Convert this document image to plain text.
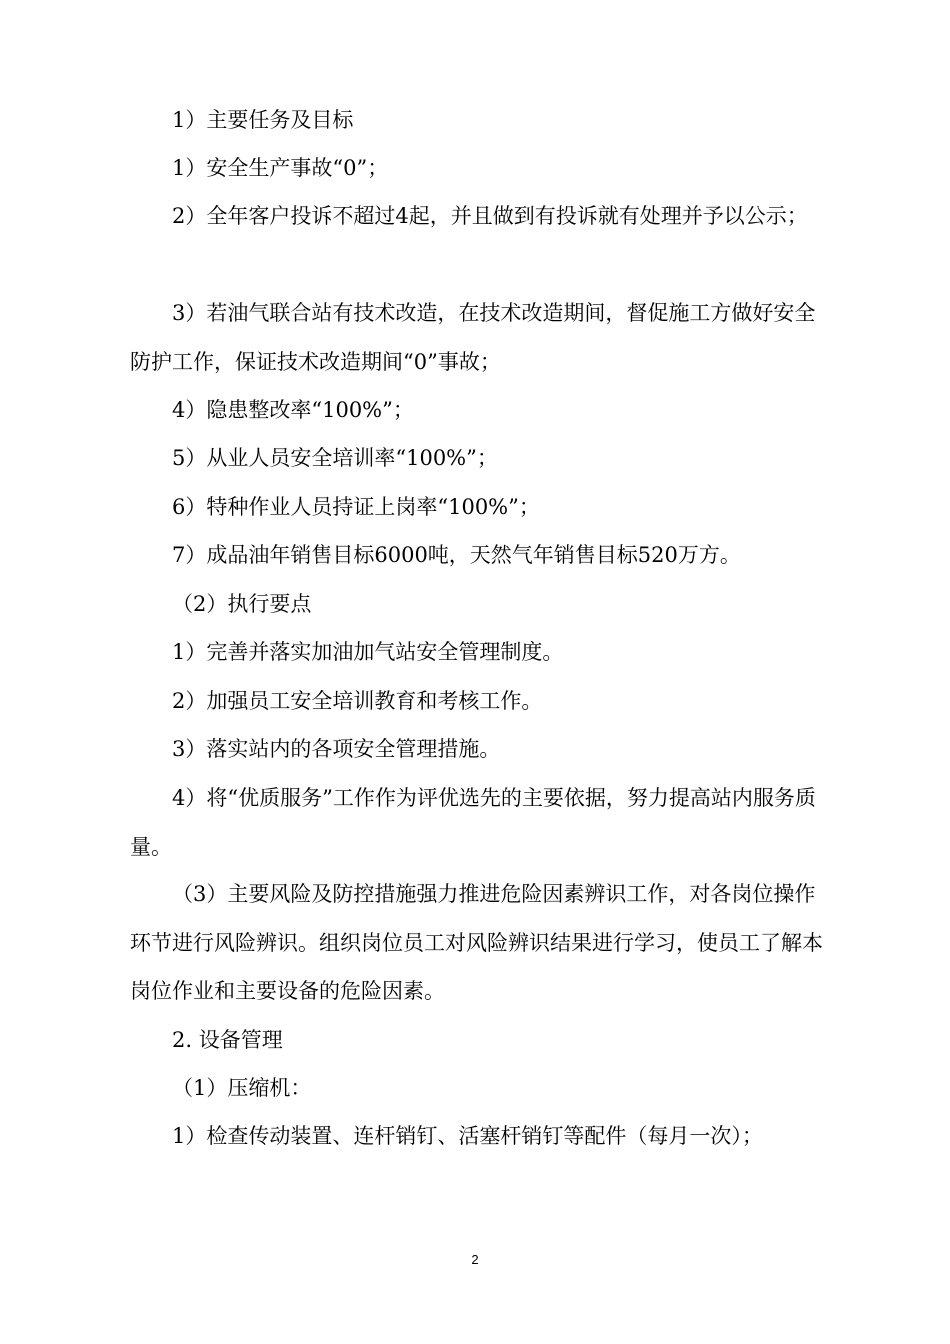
1）主要任务及目标

1）安全生产事故“0”；

2）全年客户投诉不超过4起，并且做到有投诉就有处理并予以公示；

3）若油气联合站有技术改造，在技术改造期间，督促施工方做好安全防护工作，保证技术改造期间“0”事故；

4）隐患整改率“100%”；

5）从业人员安全培训率“100%”；

6）特种作业人员持证上岗率“100%”；

7）成品油年销售目标6000吨，天然气年销售目标520万方。

（2）执行要点

1）完善并落实加油加气站安全管理制度。

2）加强员工安全培训教育和考核工作。

3）落实站内的各项安全管理措施。

4）将“优质服务”工作作为评优选先的主要依据，努力提高站内服务质量。

（3）主要风险及防控措施强力推进危险因素辨识工作，对各岗位操作环节进行风险辨识。组织岗位员工对风险辨识结果进行学习，使员工了解本岗位作业和主要设备的危险因素。

2. 设备管理

（1）压缩机：

1）检查传动装置、连杆销钉、活塞杆销钉等配件（每月一次）；

2
